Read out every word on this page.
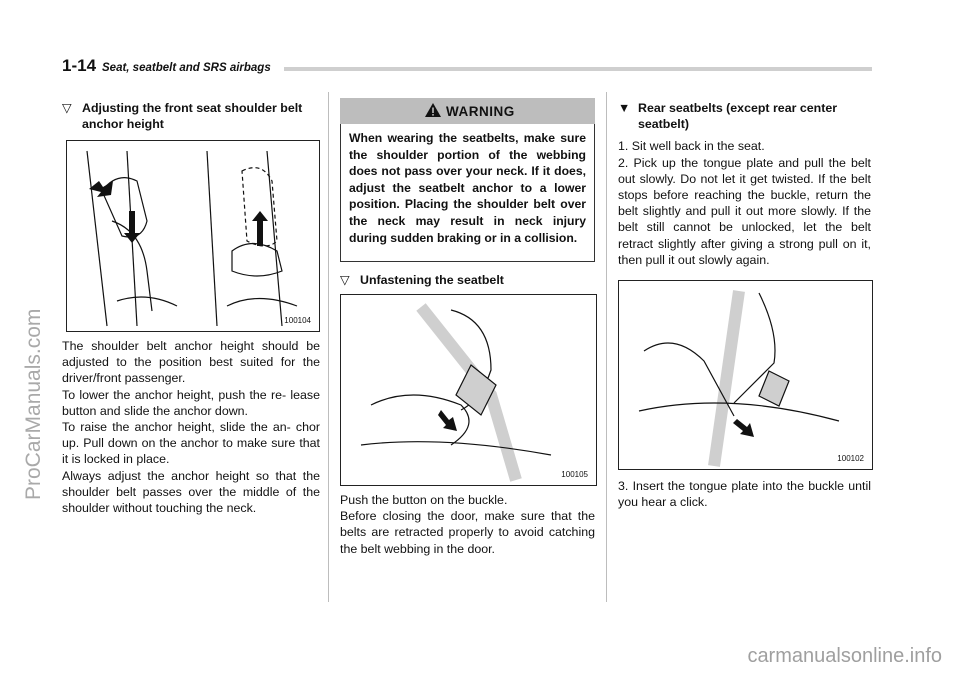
1-14 Seat, seatbelt and SRS airbags
▽ Adjusting the front seat shoulder belt anchor height
100104

The shoulder belt anchor height should be adjusted to the position best suited for the driver/front passenger.

To lower the anchor height, push the re- lease button and slide the anchor down.

To raise the anchor height, slide the an- chor up. Pull down on the anchor to make sure that it is locked in place.

Always adjust the anchor height so that the shoulder belt passes over the middle of the shoulder without touching the neck.

WARNING
When wearing the seatbelts, make sure the shoulder portion of the webbing does not pass over your neck. If it does, adjust the seatbelt anchor to a lower position. Placing the shoulder belt over the neck may result in neck injury during sudden braking or in a collision.
▽ Unfastening the seatbelt
100105

Push the button on the buckle.

Before closing the door, make sure that the belts are retracted properly to avoid catching the belt webbing in the door.

▼ Rear seatbelts (except rear center seatbelt)

1. Sit well back in the seat.

2. Pick up the tongue plate and pull the belt out slowly. Do not let it get twisted. If the belt stops before reaching the buckle, return the belt slightly and pull it out more slowly. If the belt still cannot be unlocked, let the belt retract slightly after giving a strong pull on it, then pull it out slowly again.

100102

3. Insert the tongue plate into the buckle until you hear a click.

ProCarManuals.com
carmanualsonline.info
